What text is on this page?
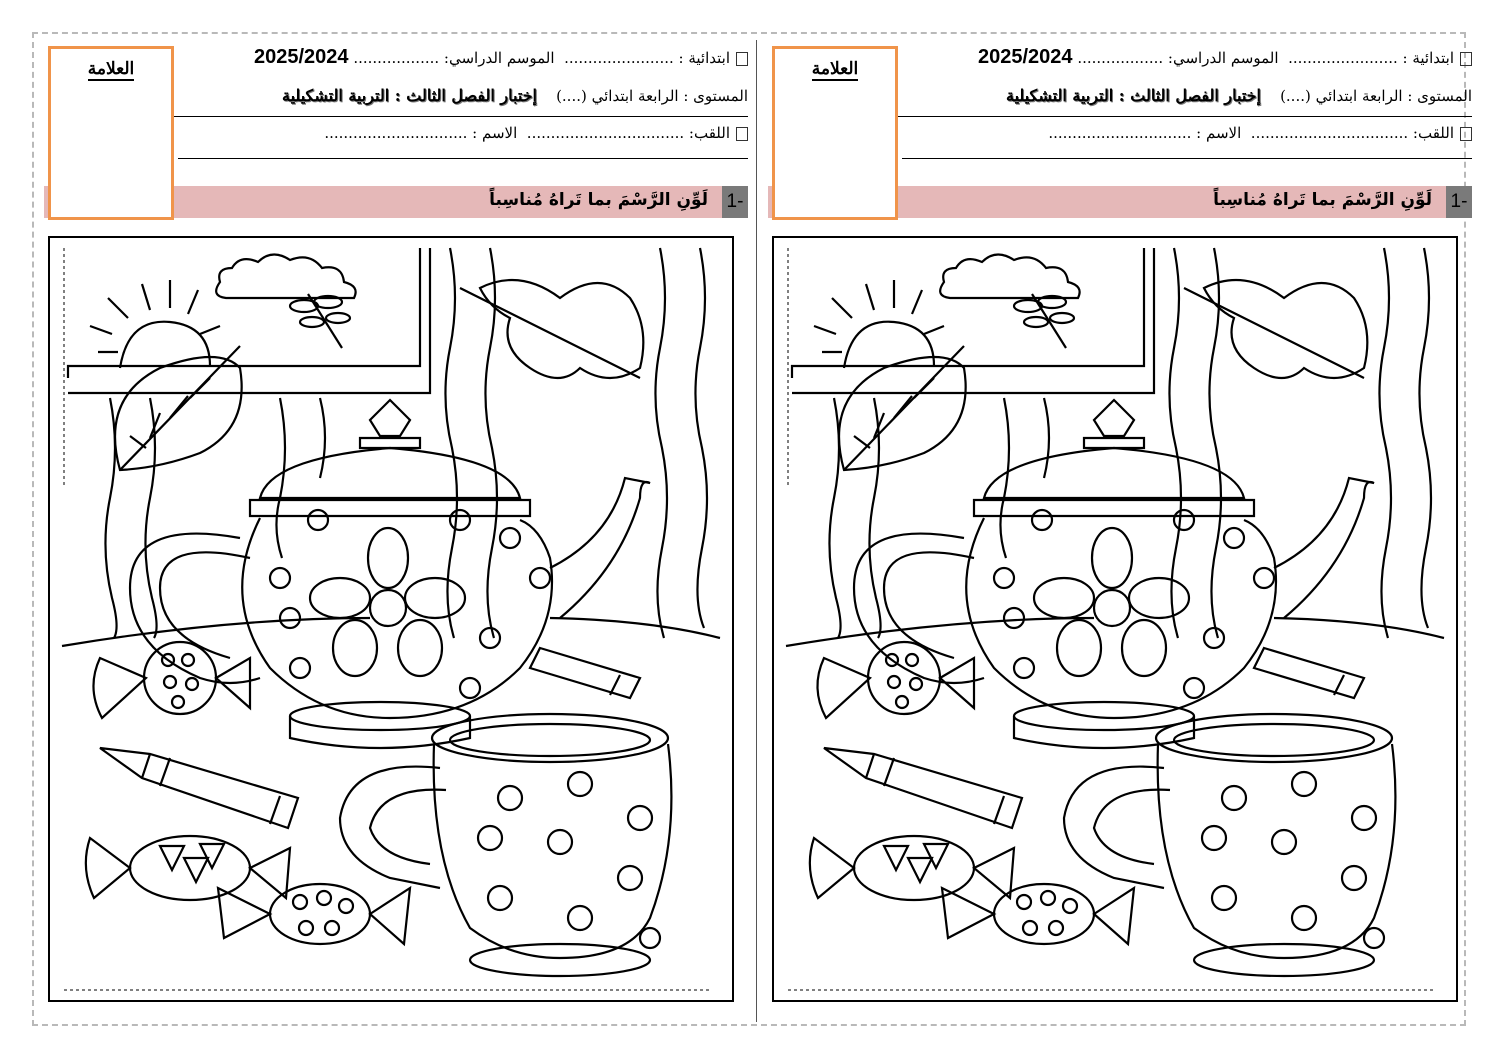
ابتدائية : .......................  الموسم الدراسي: .................. 2025/2024
المستوى : الرابعة ابتدائي (....)    إختبار الفصل الثالث : التربية التشكيلية
اللقب: .................................  الاسم : ..............................
1-
لَوِّنِ الرَّسْمَ بما تَراهُ مُناسِباً
العلامة
ابتدائية : .......................  الموسم الدراسي: .................. 2025/2024
المستوى : الرابعة ابتدائي (....)    إختبار الفصل الثالث : التربية التشكيلية
اللقب: .................................  الاسم : ..............................
1-
لَوِّنِ الرَّسْمَ بما تَراهُ مُناسِباً
العلامة
